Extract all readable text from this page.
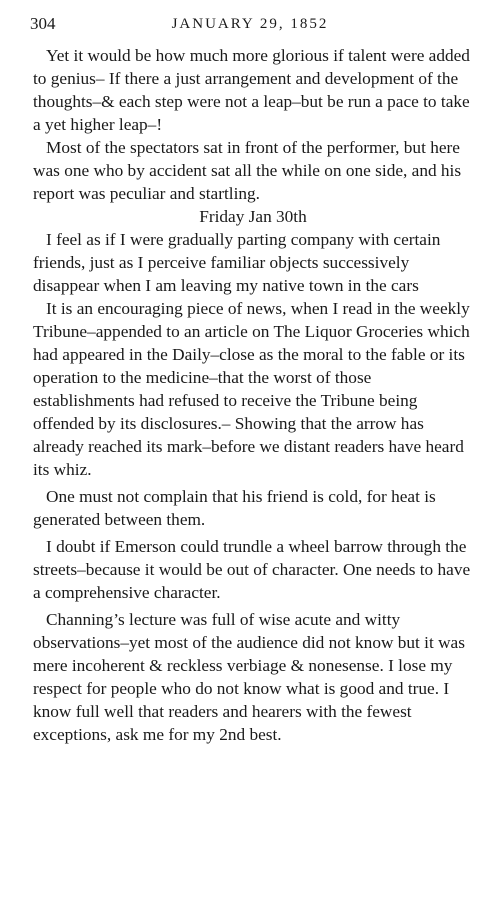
304	JANUARY 29, 1852

Yet it would be how much more glorious if talent were added to genius– If there a just arrangement and development of the thoughts–& each step were not a leap–but be run a pace to take a yet higher leap–!

Most of the spectators sat in front of the performer, but here was one who by accident sat all the while on one side, and his report was peculiar and startling.

Friday Jan 30th

I feel as if I were gradually parting company with certain friends, just as I perceive familiar objects successively disappear when I am leaving my native town in the cars

It is an encouraging piece of news, when I read in the weekly Tribune–appended to an article on The Liquor Groceries which had appeared in the Daily–close as the moral to the fable or its operation to the medicine–that the worst of those establishments had refused to receive the Tribune being offended by its disclosures.– Showing that the arrow has already reached its mark–before we distant readers have heard its whiz.

One must not complain that his friend is cold, for heat is generated between them.

I doubt if Emerson could trundle a wheel barrow through the streets–because it would be out of character. One needs to have a comprehensive character.

Channing’s lecture was full of wise acute and witty observations–yet most of the audience did not know but it was mere incoherent & reckless verbiage & nonesense. I lose my respect for people who do not know what is good and true. I know full well that readers and hearers with the fewest exceptions, ask me for my 2nd best.
